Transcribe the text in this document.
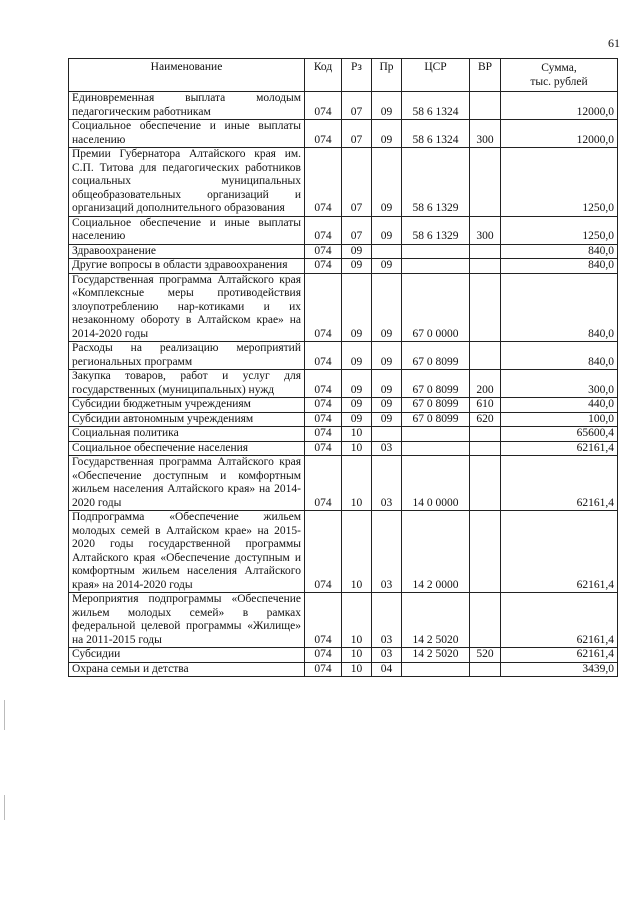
61
Наименование	Код	Рз	Пр	ЦСР	ВР	Сумма,
тыс. рублей
Единовременная выплата молодым педагогическим работникам	074	07	09	58 6 1324		12000,0
Социальное обеспечение и иные выплаты населению	074	07	09	58 6 1324	300	12000,0
Премии Губернатора Алтайского края им. С.П. Титова для педагогических работников социальных муниципальных общеобразовательных организаций и организаций дополнительного образования	074	07	09	58 6 1329		1250,0
Социальное обеспечение и иные выплаты населению	074	07	09	58 6 1329	300	1250,0
Здравоохранение	074	09				840,0
Другие вопросы в области здравоохранения	074	09	09			840,0
Государственная программа Алтайского края «Комплексные меры противодействия злоупотреблению нар-котиками и их незаконному обороту в Алтайском крае» на 2014-2020 годы	074	09	09	67 0 0000		840,0
Расходы на реализацию мероприятий региональных программ	074	09	09	67 0 8099		840,0
Закупка товаров, работ и услуг для государственных (муниципальных) нужд	074	09	09	67 0 8099	200	300,0
Субсидии бюджетным учреждениям	074	09	09	67 0 8099	610	440,0
Субсидии автономным учреждениям	074	09	09	67 0 8099	620	100,0
Социальная политика	074	10				65600,4
Социальное обеспечение населения	074	10	03			62161,4
Государственная программа Алтайского края «Обеспечение доступным и комфортным жильем населения Алтайского края» на 2014-2020 годы	074	10	03	14 0 0000		62161,4
Подпрограмма «Обеспечение жильем молодых семей в Алтайском крае» на 2015-2020 годы государственной программы Алтайского края «Обеспечение доступным и комфортным жильем населения Алтайского края» на 2014-2020 годы	074	10	03	14 2 0000		62161,4
Мероприятия подпрограммы «Обеспечение жильем молодых семей» в рамках федеральной целевой программы «Жилище» на 2011-2015 годы	074	10	03	14 2 5020		62161,4
Субсидии	074	10	03	14 2 5020	520	62161,4
Охрана семьи и детства	074	10	04			3439,0
